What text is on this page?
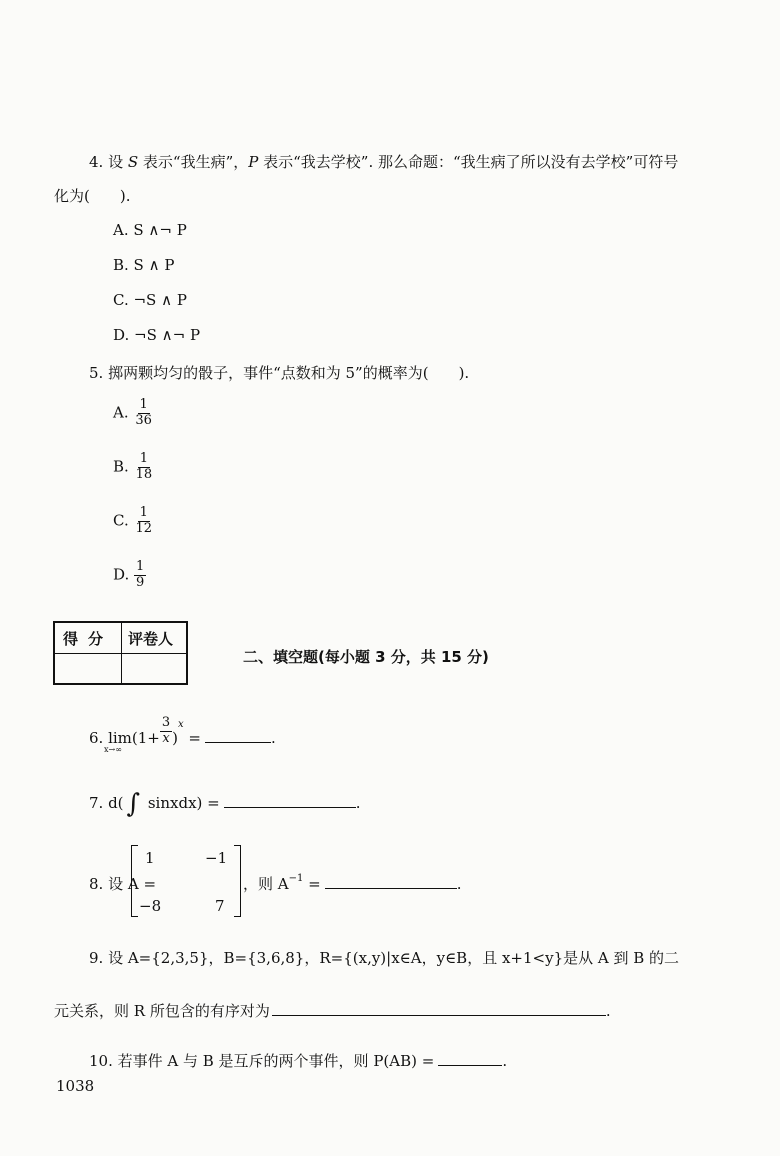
4. 设 S 表示“我生病”，P 表示“我去学校”. 那么命题：“我生病了所以没有去学校”可符号
化为(　　).
A. S ∧¬ P
B. S ∧ P
C. ¬S ∧ P
D. ¬S ∧¬ P
5. 掷两颗均匀的骰子，事件“点数和为 5”的概率为(　　).
A. $\frac{1}{36}$
B. $\frac{1}{18}$
C. $\frac{1}{12}$
D. $\frac{1}{9}$
得分 评卷人
二、填空题(每小题 3 分，共 15 分)
6. $\lim(1+ \frac{3}{x} )^x$ =	.
x→∞
7. d( ∫ sinxdx) =	.
8. 设 A =
1	−1
−8	7
，则 $A^{-1}$ =	.
9. 设 A={2,3,5}，B={3,6,8}，R={(x,y)|x∈A，y∈B，且 x+1<y}是从 A 到 B 的二
元关系，则 R 所包含的有序对为	.
10. 若事件 A 与 B 是互斥的两个事件，则 P(AB) =	.
1038
